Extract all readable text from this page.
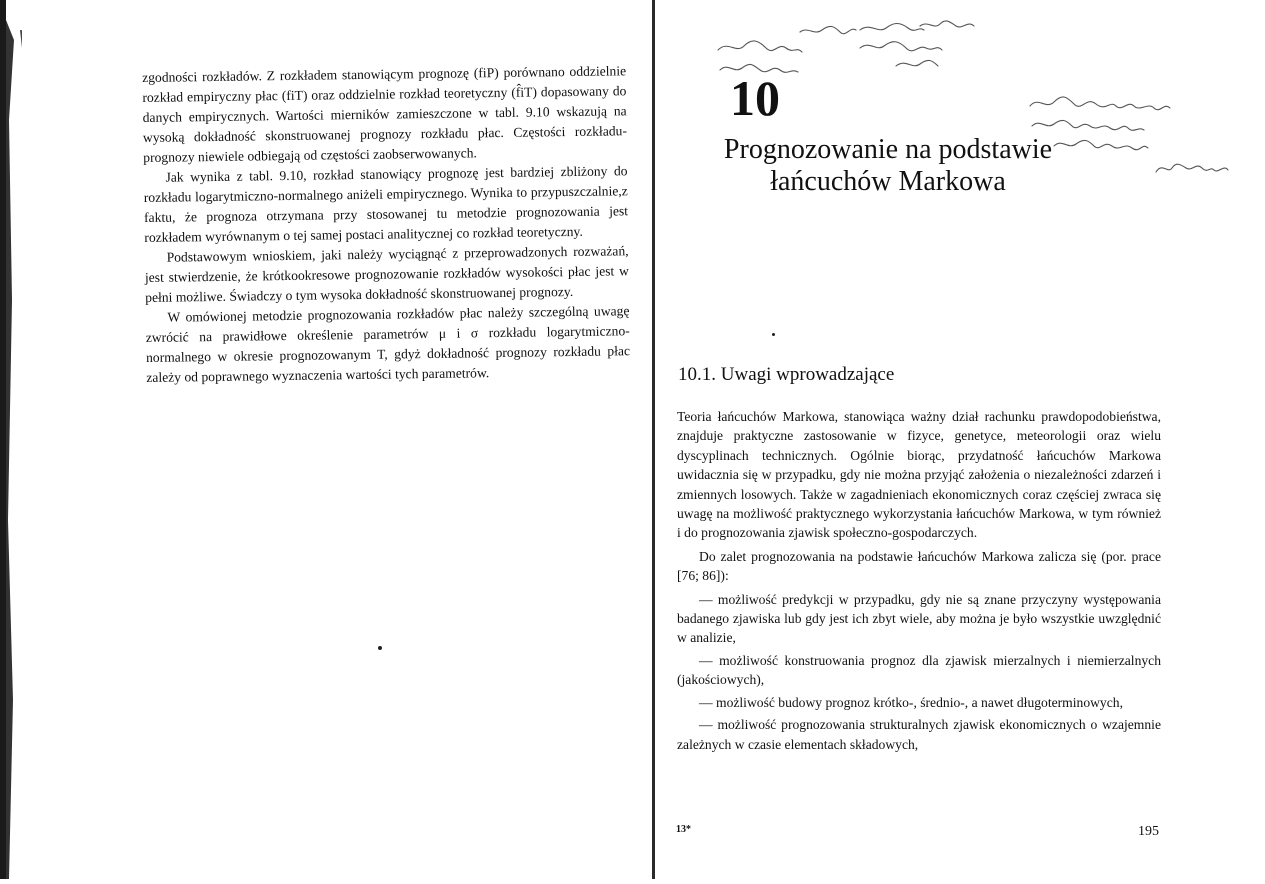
zgodności rozkładów. Z rozkładem stanowiącym prognozę (fiP) porównano oddzielnie rozkład empiryczny płac (fiT) oraz oddzielnie rozkład teoretyczny (f̂iT) dopasowany do danych empirycznych. Wartości mierników zamieszczone w tabl. 9.10 wskazują na wysoką dokładność skonstruowanej prognozy rozkładu płac. Częstości rozkładu-prognozy niewiele odbiegają od częstości zaobserwowanych.

Jak wynika z tabl. 9.10, rozkład stanowiący prognozę jest bardziej zbliżony do rozkładu logarytmiczno-normalnego aniżeli empirycznego. Wynika to przypuszczalnie,z faktu, że prognoza otrzymana przy stosowanej tu metodzie prognozowania jest rozkładem wyrównanym o tej samej postaci analitycznej co rozkład teoretyczny.

Podstawowym wnioskiem, jaki należy wyciągnąć z przeprowadzonych rozważań, jest stwierdzenie, że krótkookresowe prognozowanie rozkładów wysokości płac jest w pełni możliwe. Świadczy o tym wysoka dokładność skonstruowanej prognozy.

W omówionej metodzie prognozowania rozkładów płac należy szczególną uwagę zwrócić na prawidłowe określenie parametrów μ i σ rozkładu logarytmiczno-normalnego w okresie prognozowanym T, gdyż dokładność prognozy rozkładu płac zależy od poprawnego wyznaczenia wartości tych parametrów.

10
Prognozowanie na podstawie
łańcuchów Markowa
10.1. Uwagi wprowadzające

Teoria łańcuchów Markowa, stanowiąca ważny dział rachunku prawdopodobieństwa, znajduje praktyczne zastosowanie w fizyce, genetyce, meteorologii oraz wielu dyscyplinach technicznych. Ogólnie biorąc, przydatność łańcuchów Markowa uwidacznia się w przypadku, gdy nie można przyjąć założenia o niezależności zdarzeń i zmiennych losowych. Także w zagadnieniach ekonomicznych coraz częściej zwraca się uwagę na możliwość praktycznego wykorzystania łańcuchów Markowa, w tym również i do prognozowania zjawisk społeczno-gospodarczych.

Do zalet prognozowania na podstawie łańcuchów Markowa zalicza się (por. prace [76; 86]):

— możliwość predykcji w przypadku, gdy nie są znane przyczyny występowania badanego zjawiska lub gdy jest ich zbyt wiele, aby można je było wszystkie uwzględnić w analizie,

— możliwość konstruowania prognoz dla zjawisk mierzalnych i niemierzalnych (jakościowych),

— możliwość budowy prognoz krótko-, średnio-, a nawet długoterminowych,

— możliwość prognozowania strukturalnych zjawisk ekonomicznych o wzajemnie zależnych w czasie elementach składowych,

13*	195
